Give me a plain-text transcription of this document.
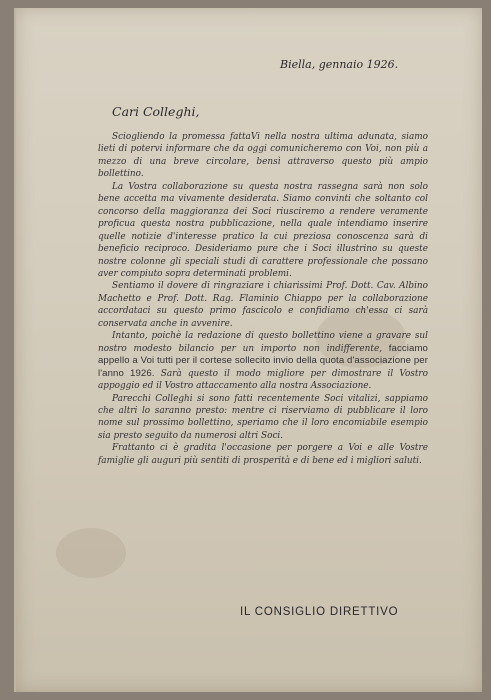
Biella, gennaio 1926.
Cari Colleghi,

Sciogliendo la promessa fattaVi nella nostra ultima adunata, siamo lieti di potervi informare che da oggi comunicheremo con Voi, non più a mezzo di una breve circolare, bensì attraverso questo più ampio bollettino.

La Vostra collaborazione su questa nostra rassegna sarà non solo bene accetta ma vivamente desiderata. Siamo convinti che soltanto col concorso della maggioranza dei Soci riusciremo a rendere veramente proficua questa nostra pubblicazione, nella quale intendiamo inserire quelle notizie d'interesse pratico la cui preziosa conoscenza sarà di beneficio reciproco. Desideriamo pure che i Soci illustrino su queste nostre colonne gli speciali studi di carattere professionale che possano aver compiuto sopra determinati problemi.

Sentiamo il dovere di ringraziare i chiarissimi Prof. Dott. Cav. Albino Machetto e Prof. Dott. Rag. Flaminio Chiappo per la collaborazione accordataci su questo primo fascicolo e confidiamo ch'essa ci sarà conservata anche in avvenire.

Intanto, poichè la redazione di questo bollettino viene a gravare sul nostro modesto bilancio per un importo non indifferente, facciamo appello a Voi tutti per il cortese sollecito invio della quota d'associazione per l'anno 1926. Sarà questo il modo migliore per dimostrare il Vostro appoggio ed il Vostro attaccamento alla nostra Associazione.

Parecchi Colleghi si sono fatti recentemente Soci vitalizi, sappiamo che altri lo saranno presto: mentre ci riserviamo di pubblicare il loro nome sul prossimo bollettino, speriamo che il loro encomiabile esempio sia presto seguito da numerosi altri Soci.

Frattanto ci è gradita l'occasione per porgere a Voi e alle Vostre famiglie gli auguri più sentiti di prosperità e di bene ed i migliori saluti.

IL CONSIGLIO DIRETTIVO
